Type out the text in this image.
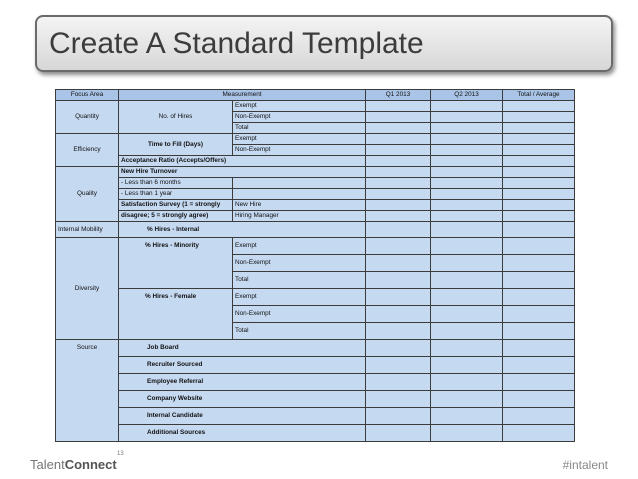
Create A Standard Template
Focus Area	Measurement		Q1 2013	Q2 2013	Total / Average
Quantity	No. of Hires	Exempt			
		Non-Exempt			
		Total			
Efficiency	Time to Fill (Days)	Exempt			
		Non-Exempt			
	Acceptance Ratio (Accepts/Offers)				
Quality	New Hire Turnover				
	- Less than 6 months				
	- Less than 1 year				
	Satisfaction Survey (1 = strongly	New Hire			
	disagree; 5 = strongly agree)	Hiring Manager			
Internal Mobility	% Hires - Internal				
Diversity	% Hires - Minority	Exempt			
		Non-Exempt			
		Total			
	% Hires - Female	Exempt			
		Non-Exempt			
		Total			
Source	Job Board				
	Recruiter Sourced				
	Employee Referral				
	Company Website				
	Internal Candidate				
	Additional Sources				
TalentConnect
13
#intalent
